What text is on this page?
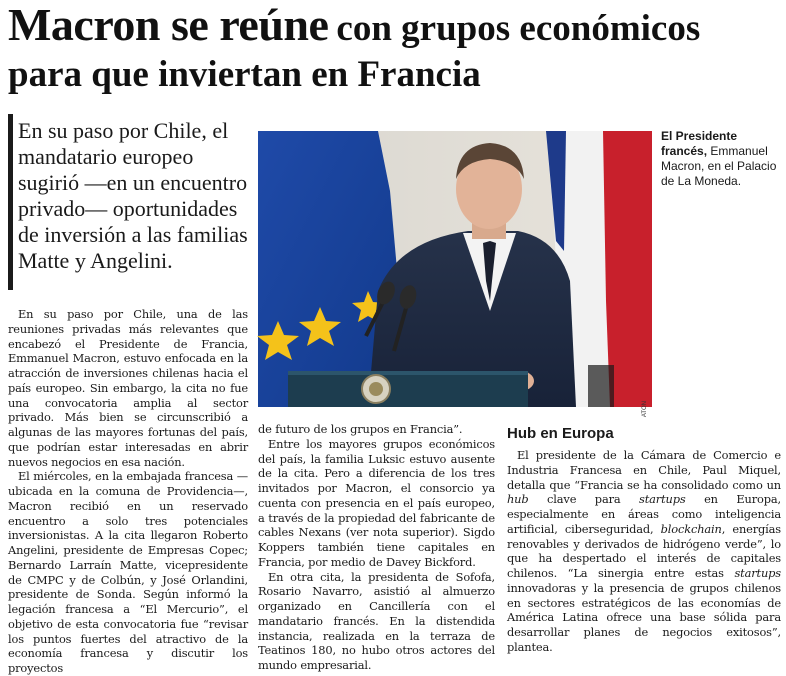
Macron se reúne con grupos económicos para que inviertan en Francia
En su paso por Chile, el mandatario europeo sugirió —en un encuentro privado— oportunidades de inversión a las familias Matte y Angelini.
ATON
El Presidente francés, Emmanuel Macron, en el Palacio de La Moneda.

En su paso por Chile, una de las reuniones privadas más relevantes que encabezó el Presidente de Francia, Emmanuel Macron, estuvo enfocada en la atracción de inversiones chilenas hacia el país europeo. Sin embargo, la cita no fue una convocatoria amplia al sector privado. Más bien se circunscribió a algunas de las mayores fortunas del país, que podrían estar interesadas en abrir nuevos negocios en esa nación.

El miércoles, en la embajada francesa —ubicada en la comuna de Providencia—, Macron recibió en un reservado encuentro a solo tres potenciales inversionistas. A la cita llegaron Roberto Angelini, presidente de Empresas Copec; Bernardo Larraín Matte, vicepresidente de CMPC y de Colbún, y José Orlandini, presidente de Sonda. Según informó la legación francesa a “El Mercurio”, el objetivo de esta convocatoria fue “revisar los puntos fuertes del atractivo de la economía francesa y discutir los proyectos

de futuro de los grupos en Francia”.

Entre los mayores grupos económicos del país, la familia Luksic estuvo ausente de la cita. Pero a diferencia de los tres invitados por Macron, el consorcio ya cuenta con presencia en el país europeo, a través de la propiedad del fabricante de cables Nexans (ver nota superior). Sigdo Koppers también tiene capitales en Francia, por medio de Davey Bickford.

En otra cita, la presidenta de Sofofa, Rosario Navarro, asistió al almuerzo organizado en Cancillería con el mandatario francés. En la distendida instancia, realizada en la terraza de Teatinos 180, no hubo otros actores del mundo empresarial.

Hub en Europa

El presidente de la Cámara de Comercio e Industria Francesa en Chile, Paul Miquel, detalla que “Francia se ha consolidado como un hub clave para startups en Europa, especialmente en áreas como inteligencia artificial, ciberseguridad, blockchain, energías renovables y derivados de hidrógeno verde”, lo que ha despertado el interés de capitales chilenos. “La sinergia entre estas startups innovadoras y la presencia de grupos chilenos en sectores estratégicos de las economías de América Latina ofrece una base sólida para desarrollar planes de negocios exitosos”, plantea.
